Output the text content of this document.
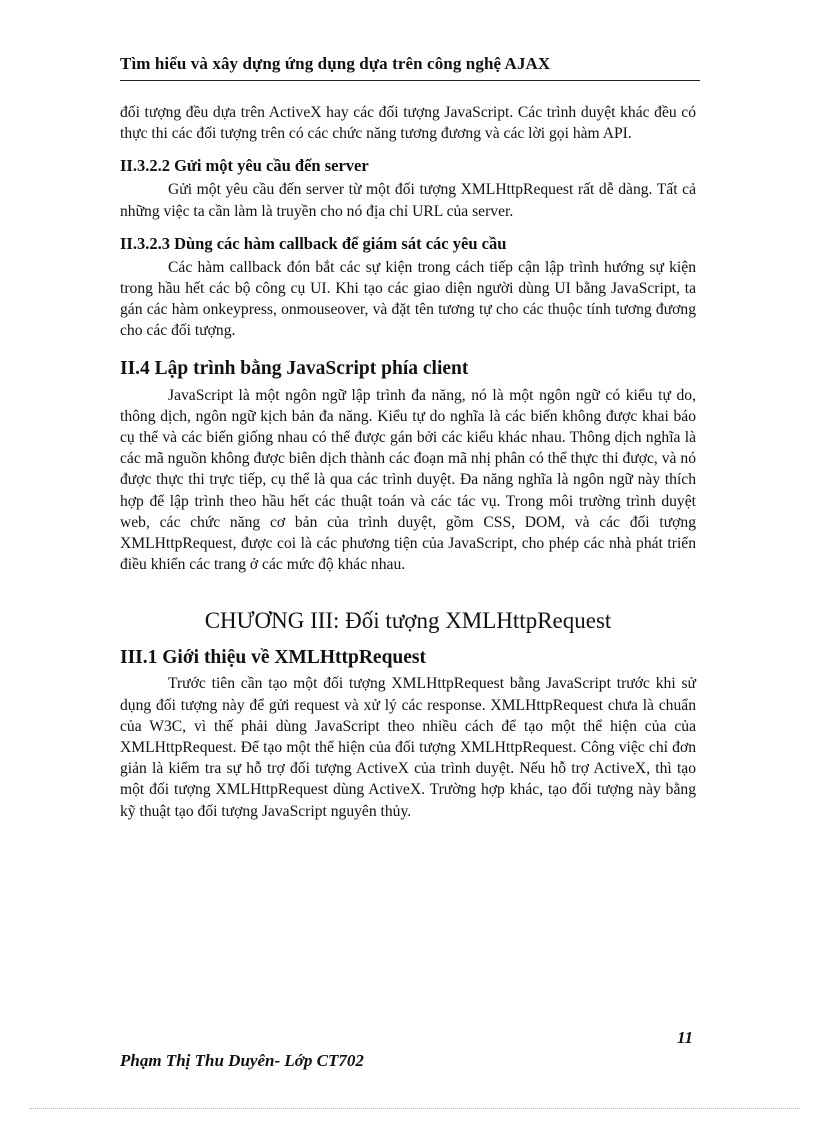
Tìm hiểu và xây dựng ứng dụng dựa trên công nghệ AJAX

đối tượng đều dựa trên ActiveX hay các đối tượng JavaScript. Các trình duyệt khác đều có thực thi các đối tượng trên có các chức năng tương đương và các lời gọi hàm API.

II.3.2.2 Gửi một yêu cầu đến server

Gửi một yêu cầu đến server từ một đối tượng XMLHttpRequest rất dễ dàng. Tất cả những việc ta cần làm là truyền cho nó địa chỉ URL của server.

II.3.2.3 Dùng các hàm callback để giám sát các yêu cầu

Các hàm callback đón bắt các sự kiện trong cách tiếp cận lập trình hướng sự kiện trong hầu hết các bộ công cụ UI. Khi tạo các giao diện người dùng UI bằng JavaScript, ta gán các hàm onkeypress, onmouseover, và đặt tên tương tự cho các thuộc tính tương đương cho các đối tượng.

II.4 Lập trình bằng JavaScript phía client

JavaScript là một ngôn ngữ lập trình đa năng, nó là một ngôn ngữ có kiểu tự do, thông dịch, ngôn ngữ kịch bản đa năng. Kiểu tự do nghĩa là các biến không được khai báo cụ thể và các biến giống nhau có thể được gán bởi các kiểu khác nhau. Thông dịch nghĩa là các mã nguồn không được biên dịch thành các đoạn mã nhị phân có thể thực thi được, và nó được thực thi trực tiếp, cụ thể là qua các trình duyệt. Đa năng nghĩa là ngôn ngữ này thích hợp để lập trình theo hầu hết các thuật toán và các tác vụ. Trong môi trường trình duyệt web, các chức năng cơ bản của trình duyệt, gồm CSS, DOM, và các đối tượng XMLHttpRequest, được coi là các phương tiện của JavaScript, cho phép các nhà phát triển điều khiển các trang ở các mức độ khác nhau.

CHƯƠNG III: Đối tượng XMLHttpRequest
III.1 Giới thiệu về XMLHttpRequest

Trước tiên cần tạo một đối tượng XMLHttpRequest bằng JavaScript trước khi sử dụng đối tượng này để gửi request và xử lý các response. XMLHttpRequest chưa là chuẩn của W3C, vì thế phải dùng JavaScript theo nhiều cách để tạo một thể hiện của của XMLHttpRequest. Để tạo một thể hiện của đối tượng XMLHttpRequest. Công việc chỉ đơn giản là kiểm tra sự hỗ trợ đối tượng ActiveX của trình duyệt. Nếu hỗ trợ ActiveX, thì tạo một đối tượng XMLHttpRequest dùng ActiveX. Trường hợp khác, tạo đối tượng này bằng kỹ thuật tạo đối tượng JavaScript nguyên thủy.

11
Phạm Thị Thu Duyên- Lớp CT702
